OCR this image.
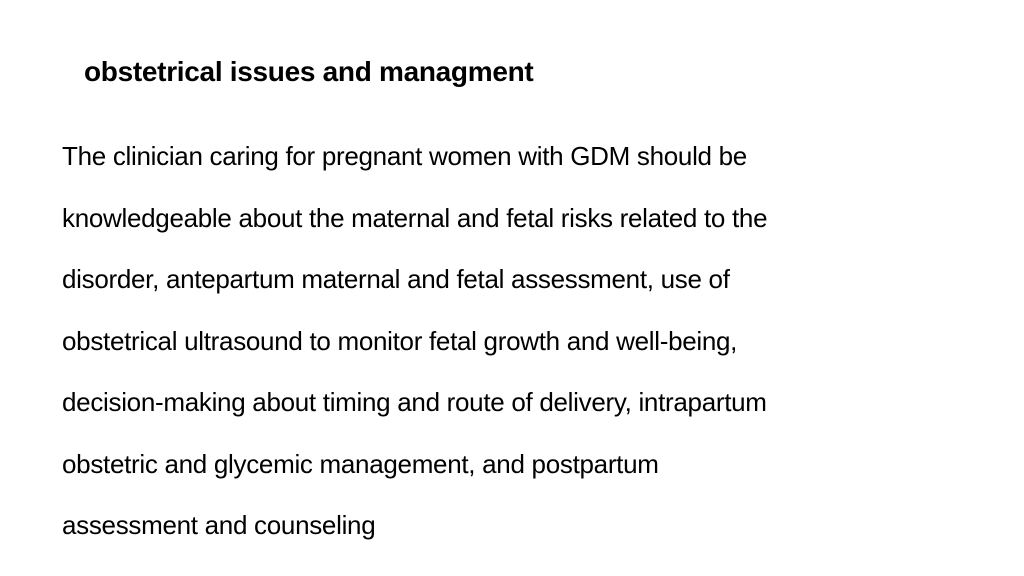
obstetrical issues and managment
The clinician caring for pregnant women with GDM should be
knowledgeable about the maternal and fetal risks related to the
disorder, antepartum maternal and fetal assessment, use of
obstetrical ultrasound to monitor fetal growth and well-being,
decision-making about timing and route of delivery, intrapartum
obstetric and glycemic management, and postpartum
assessment and counseling
